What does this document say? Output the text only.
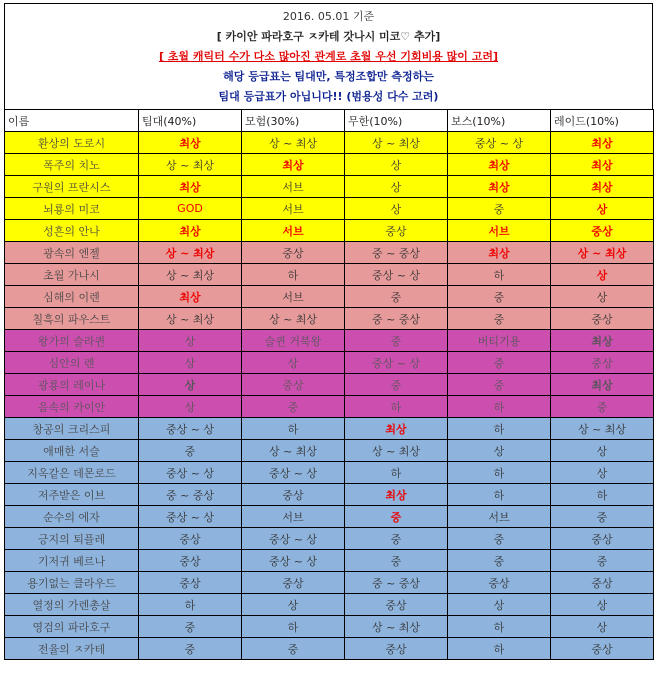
2016. 05.01 기준
[ 카이안 파라호구 ㅈ카테 갓나시 미코♡ 추가]
[ 초월 캐릭터 수가 다소 많아진 관계로 초월 우선 기회비용 많이 고려]
해당 등급표는 팀대만, 특정조합만 측정하는
팀대 등급표가 아닙니다!! (범용성 다수 고려)
이름	팀대(40%)	모험(30%)	무한(10%)	보스(10%)	레이드(10%)
환상의 도로시	최상	상 ~ 최상	상 ~ 최상	중상 ~ 상	최상
폭주의 치노	상 ~ 최상	최상	상	최상	최상
구원의 프란시스	최상	서브	상	최상	최상
뇌룡의 미코	GOD	서브	상	중	상
성흔의 안나	최상	서브	중상	서브	중상
광속의 엔젤	상 ~ 최상	중상	중 ~ 중상	최상	상 ~ 최상
초월 가나시	상 ~ 최상	하	중상 ~ 상	하	상
심해의 이렌	최상	서브	중	중	상
칠흑의 파우스트	상 ~ 최상	상 ~ 최상	중 ~ 중상	중	중상
왕가의 슬라퀸	상	슬퀸 거북왕	중	버티기용	최상
심안의 렌	상	상	중상 ~ 상	중	중상
광룡의 레이나	상	중상	중	중	최상
음속의 카이안	상	중	하	하	중
창공의 크리스피	중상 ~ 상	하	최상	하	상 ~ 최상
애매한 서슬	중	상 ~ 최상	상 ~ 최상	상	상
지옥같은 데몬로드	중상 ~ 상	중상 ~ 상	하	하	상
저주받은 이브	중 ~ 중상	중상	최상	하	하
순수의 에자	중상 ~ 상	서브	중	서브	중
긍지의 퇴플레	중상	중상 ~ 상	중	중	중상
기저귀 베르나	중상	중상 ~ 상	중	중	중
용기없는 클라우드	중상	중상	중 ~ 중상	중상	중상
열정의 가렌총살	하	상	중상	상	상
영검의 파라호구	중	하	상 ~ 최상	하	상
전율의 ㅈ카테	중	중	중상	하	중상
